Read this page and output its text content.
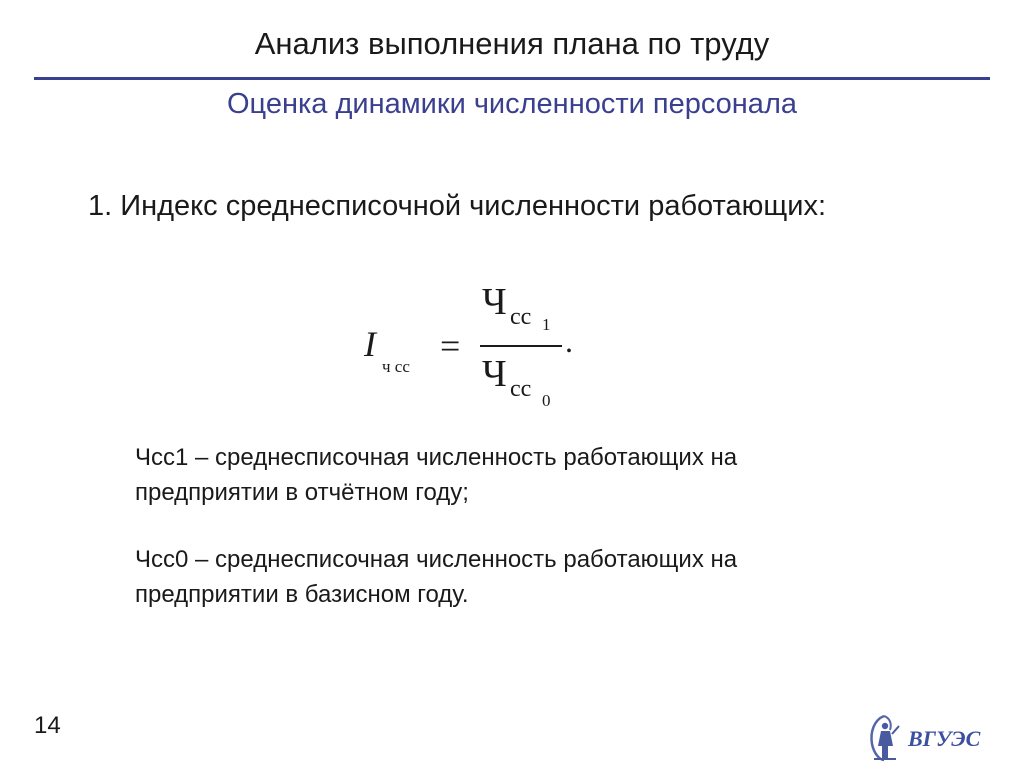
Анализ выполнения плана по труду
Оценка динамики численности персонала
1. Индекс среднесписочной численности работающих:
I
ч сс
=
Ч сс 1 .
Ч сс 0
Чсс1 – среднесписочная численность работающих на
предприятии в отчётном году;
Чсс0 – среднесписочная численность работающих на
предприятии в базисном году.
14	ВГУЭС
